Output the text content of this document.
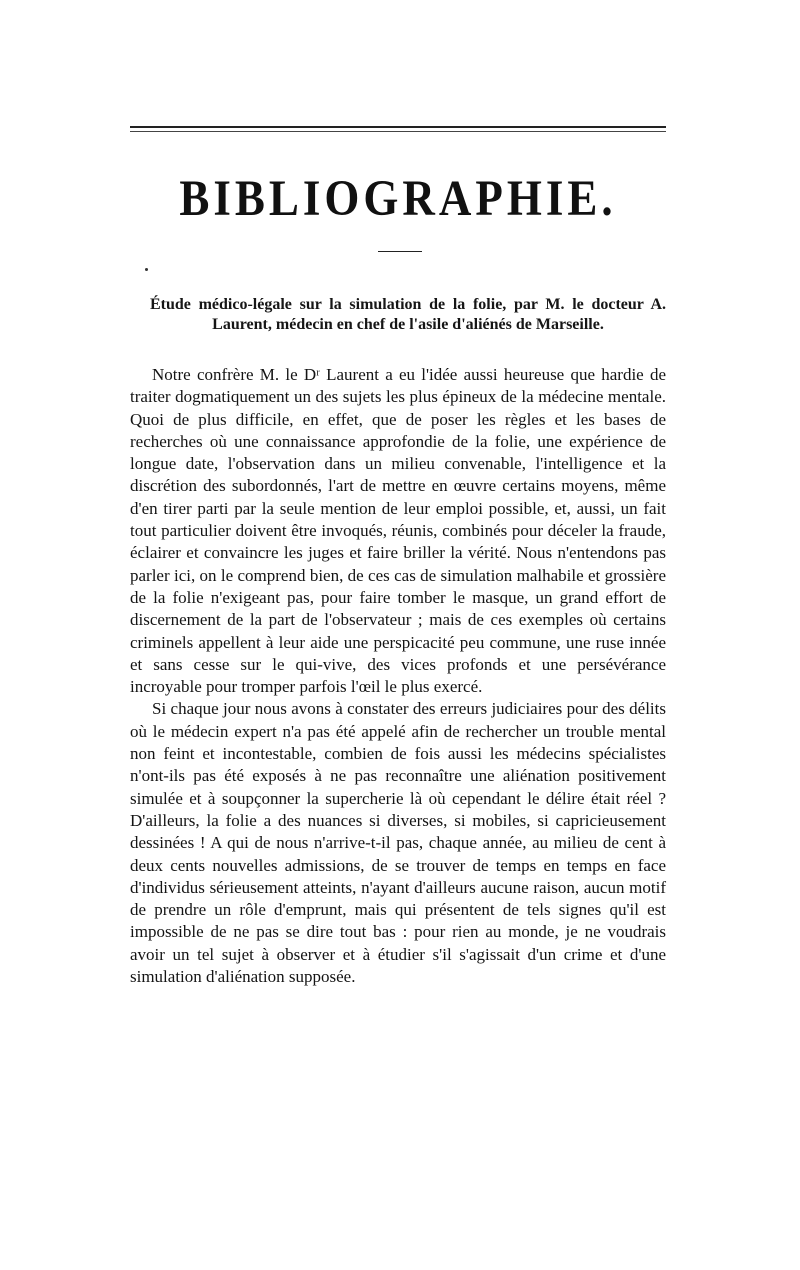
BIBLIOGRAPHIE.
Étude médico-légale sur la simulation de la folie, par M. le docteur A. Laurent, médecin en chef de l'asile d'aliénés de Marseille.

Notre confrère M. le Dʳ Laurent a eu l'idée aussi heureuse que hardie de traiter dogmatiquement un des sujets les plus épineux de la médecine mentale. Quoi de plus difficile, en effet, que de poser les règles et les bases de recherches où une connaissance approfondie de la folie, une expérience de longue date, l'observation dans un milieu convenable, l'intelligence et la discrétion des subordonnés, l'art de mettre en œuvre certains moyens, même d'en tirer parti par la seule mention de leur emploi possible, et, aussi, un fait tout particulier doivent être invoqués, réunis, combinés pour déceler la fraude, éclairer et convaincre les juges et faire briller la vérité. Nous n'entendons pas parler ici, on le comprend bien, de ces cas de simulation malhabile et grossière de la folie n'exigeant pas, pour faire tomber le masque, un grand effort de discernement de la part de l'observateur ; mais de ces exemples où certains criminels appellent à leur aide une perspicacité peu commune, une ruse innée et sans cesse sur le qui-vive, des vices profonds et une persévérance incroyable pour tromper parfois l'œil le plus exercé.

Si chaque jour nous avons à constater des erreurs judiciaires pour des délits où le médecin expert n'a pas été appelé afin de rechercher un trouble mental non feint et incontestable, combien de fois aussi les médecins spécialistes n'ont-ils pas été exposés à ne pas reconnaître une aliénation positivement simulée et à soupçonner la supercherie là où cependant le délire était réel ? D'ailleurs, la folie a des nuances si diverses, si mobiles, si capricieusement dessinées ! A qui de nous n'arrive-t-il pas, chaque année, au milieu de cent à deux cents nouvelles admissions, de se trouver de temps en temps en face d'individus sérieusement atteints, n'ayant d'ailleurs aucune raison, aucun motif de prendre un rôle d'emprunt, mais qui présentent de tels signes qu'il est impossible de ne pas se dire tout bas : pour rien au monde, je ne voudrais avoir un tel sujet à observer et à étudier s'il s'agissait d'un crime et d'une simulation d'aliénation supposée.
